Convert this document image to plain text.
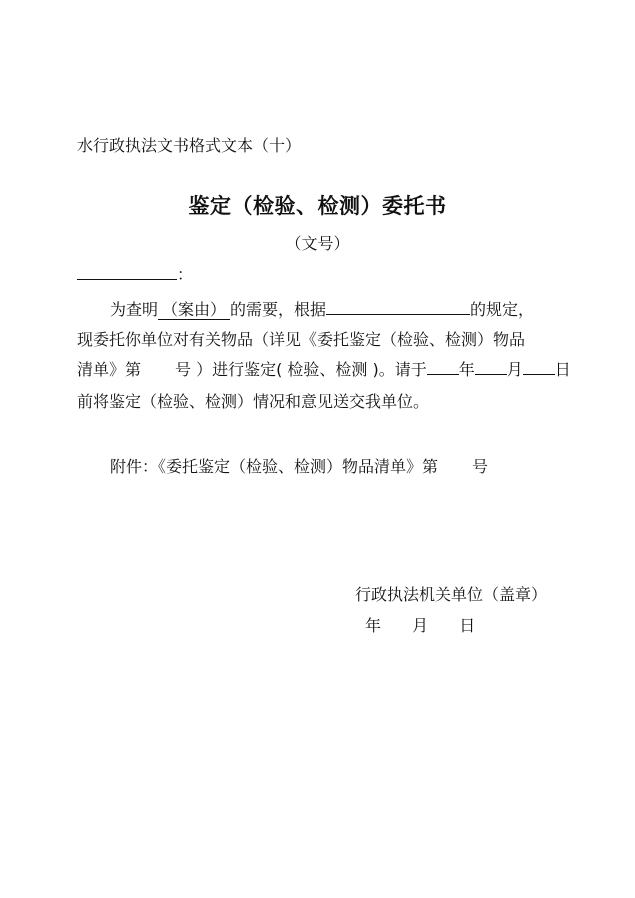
水行政执法文书格式文本（十）
鉴定（检验、检测）委托书
（文号）
：
为查明 （案由） 的需要，根据	的规定，
现委托你单位对有关物品（详见《委托鉴定（检验、检测）物品
清单》第 号 ）进行鉴定( 检验、检测 )。请于 年 月 日
前将鉴定（检验、检测）情况和意见送交我单位。
附件：《委托鉴定（检验、检测）物品清单》第 号
行政执法机关单位（盖章）
年 月 日
